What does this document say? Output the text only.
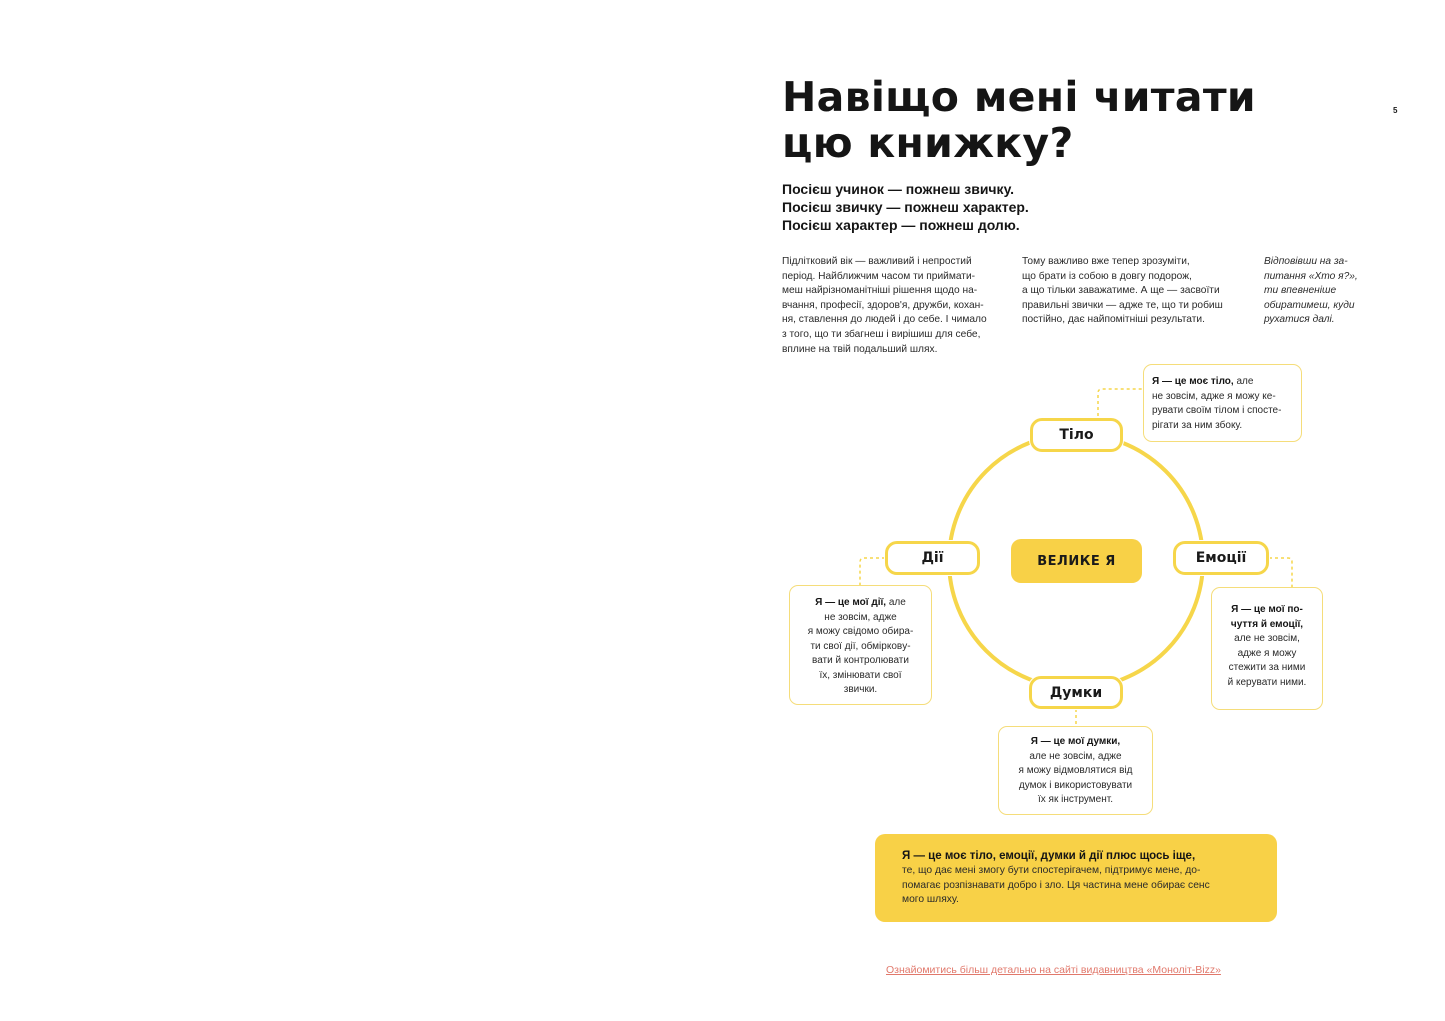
Навіщо мені читати
цю книжку?
5
Посієш учинок — пожнеш звичку.
Посієш звичку — пожнеш характер.
Посієш характер — пожнеш долю.
Підлітковий вік — важливий і непростий
період. Найближчим часом ти приймати-
меш найрізноманітніші рішення щодо на-
вчання, професії, здоров'я, дружби, кохан-
ня, ставлення до людей і до себе. І чимало
з того, що ти збагнеш і вирішиш для себе,
вплине на твій подальший шлях.
Тому важливо вже тепер зрозуміти,
що брати із собою в довгу подорож,
а що тільки заважатиме. А ще — засвоїти
правильні звички — адже те, що ти робиш
постійно, дає найпомітніші результати.
Відповівши на за-
питання «Хто я?»,
ти впевненіше
обиратимеш, куди
рухатися далі.
Тіло
Дії	Емоції
Думки
ВЕЛИКЕ Я
Я — це моє тіло, але
не зовсім, адже я можу ке-
рувати своїм тілом і спосте-
рігати за ним збоку.
Я — це мої дії, але
не зовсім, адже
я можу свідомо обира-
ти свої дії, обмірковy-
вати й контролювати
їх, змінювати свої
звички.
Я — це мої по-
чуття й емоції,
але не зовсім,
адже я можу
стежити за ними
й керувати ними.
Я — це мої думки,
але не зовсім, адже
я можу відмовлятися від
думок і використовувати
їх як інструмент.
Я — це моє тіло, емоції, думки й дії плюс щось іще,
те, що дає мені змогу бути спостерігачем, підтримує мене, до-
помагає розпізнавати добро і зло. Ця частина мене обирає сенс
мого шляху.
Ознайомитись більш детально на сайті видавництва «Моноліт-Bizz»
